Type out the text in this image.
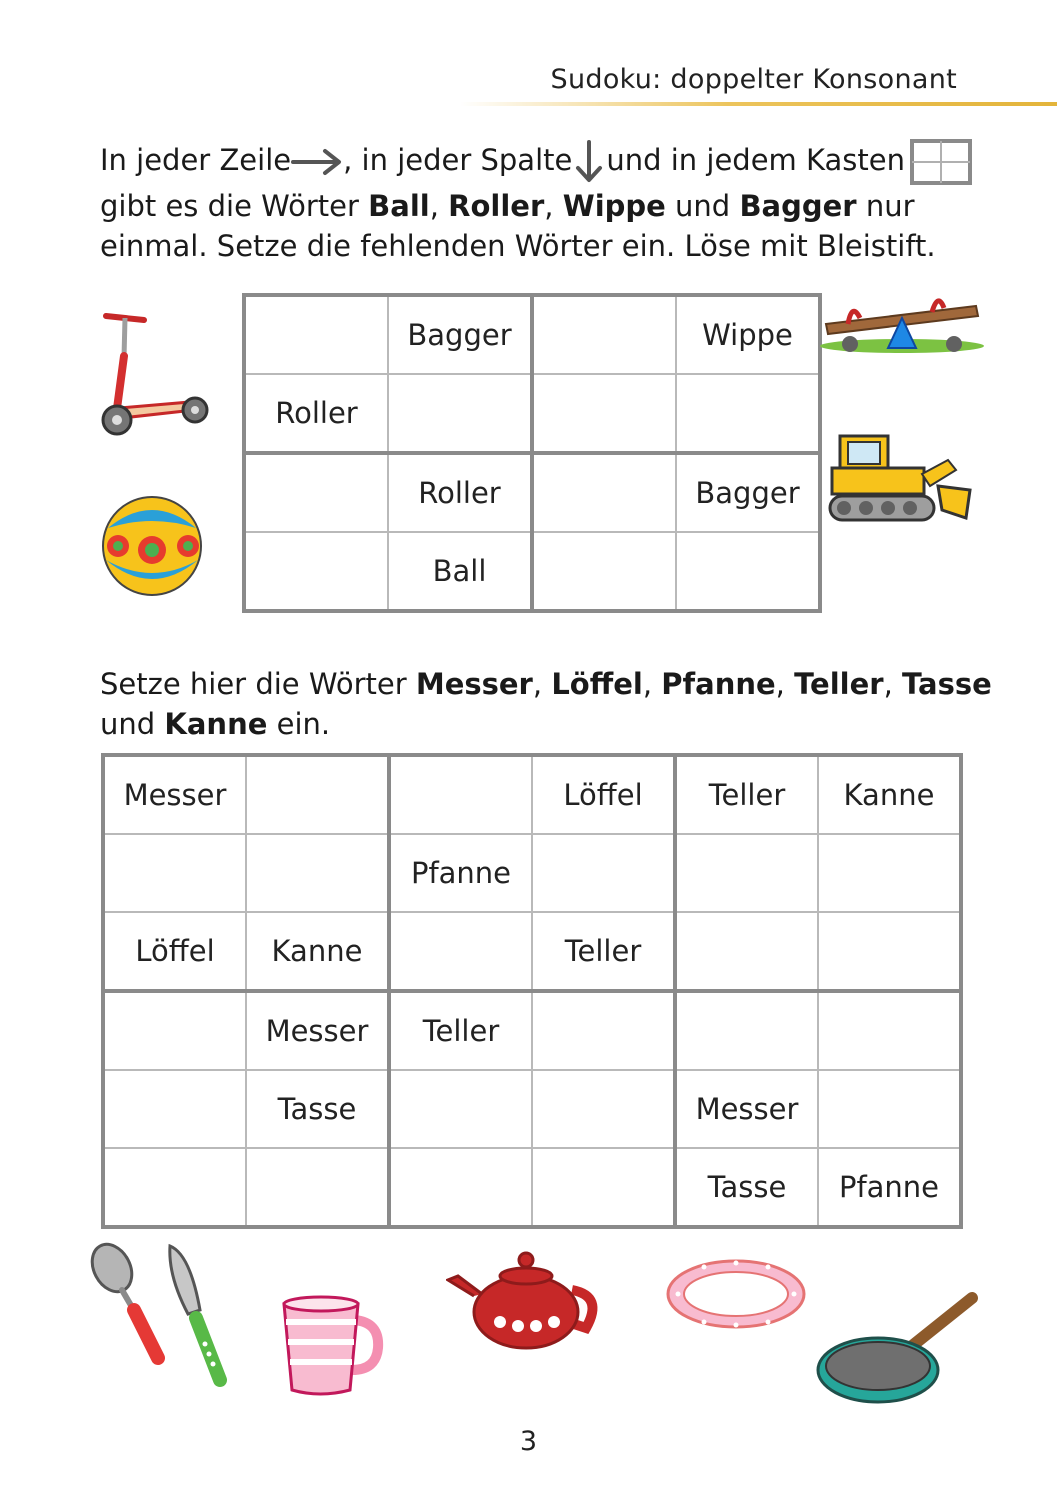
Sudoku: doppelter Konsonant
In jeder Zeile , in jeder Spalte und in jedem Kasten
gibt es die Wörter Ball, Roller, Wippe und Bagger nur
einmal. Setze die fehlenden Wörter ein. Löse mit Bleistift.
	Bagger		Wippe
Roller			
	Roller		Bagger
	Ball		
Setze hier die Wörter Messer, Löffel, Pfanne, Teller, Tasse
und Kanne ein.
Messer			Löffel	Teller	Kanne
		Pfanne			
Löffel	Kanne		Teller		
	Messer	Teller			
	Tasse			Messer	
				Tasse	Pfanne
3
